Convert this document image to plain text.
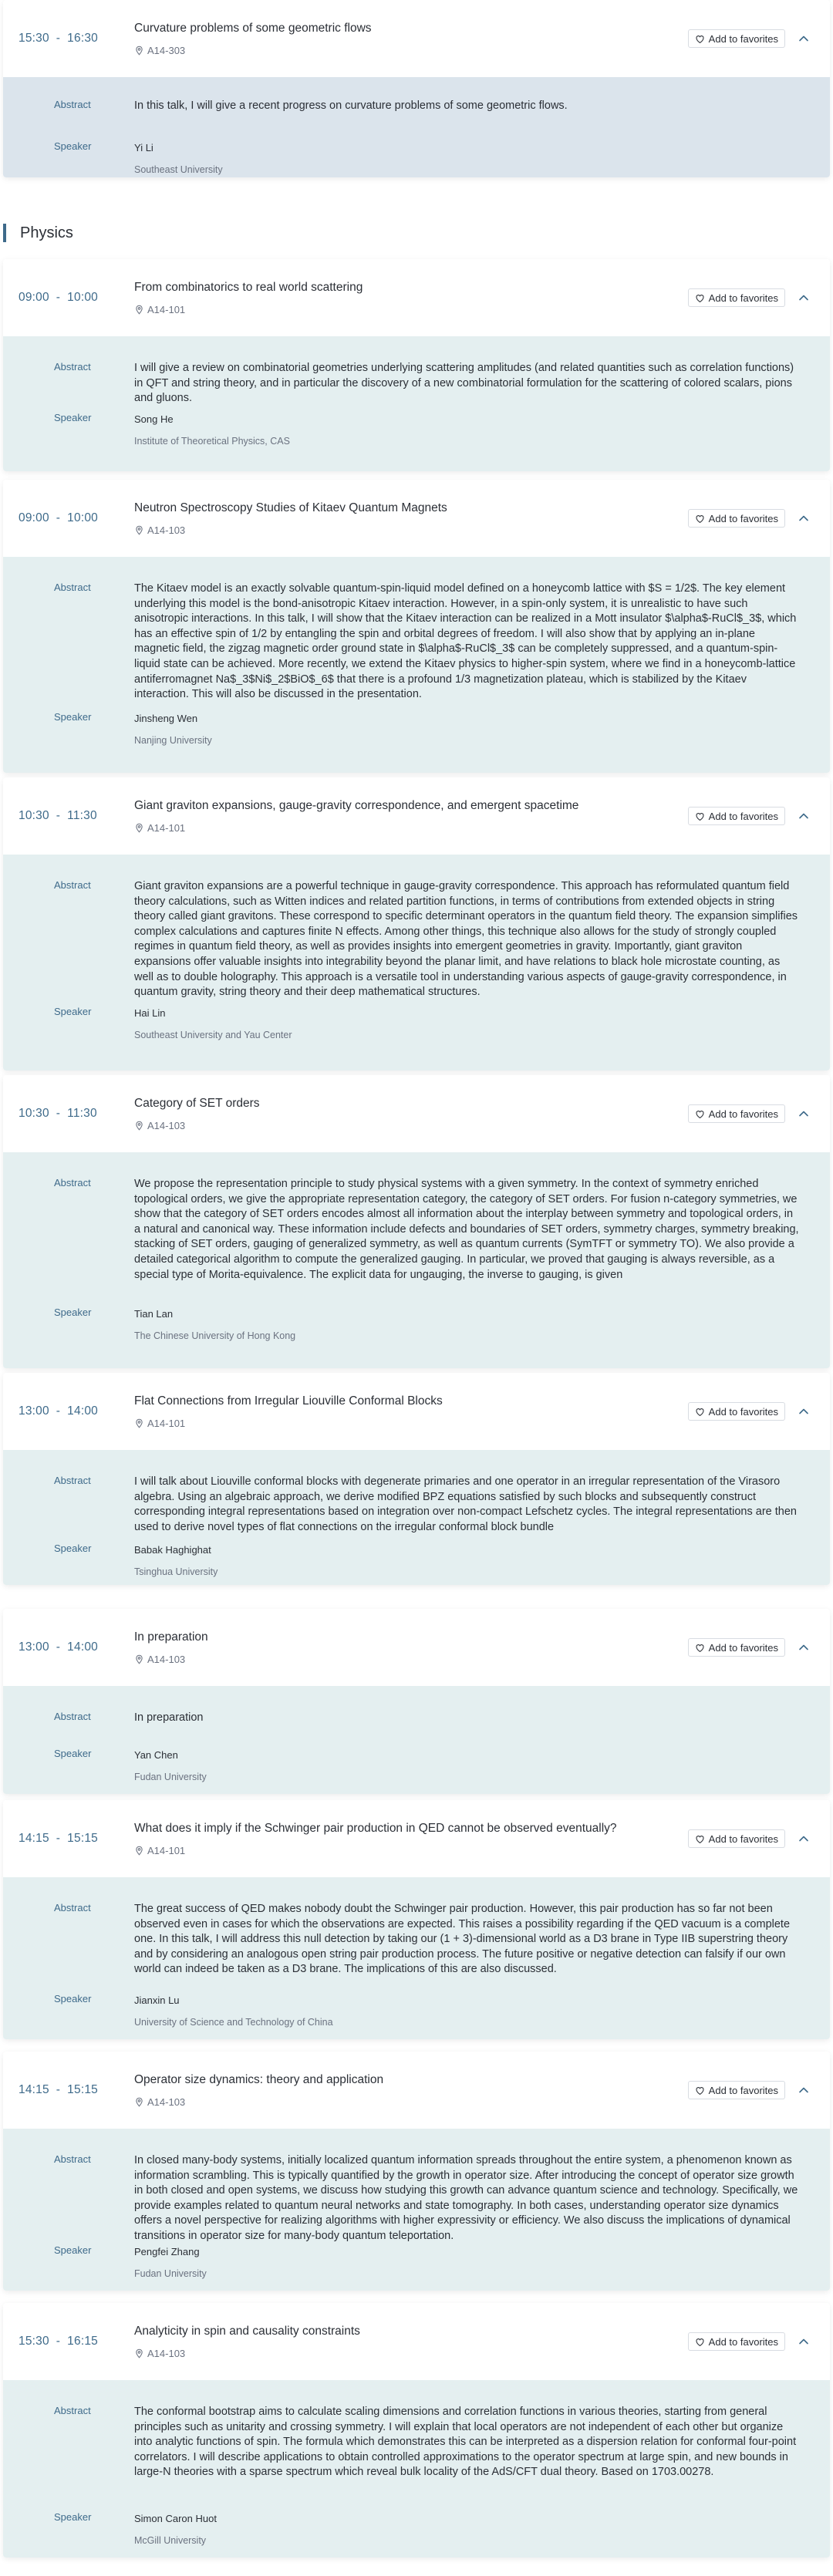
Physics
15:30 - 16:30
Curvature problems of some geometric flows
A14-303
Add to favorites
Abstract	In this talk, I will give a recent progress on curvature problems of some geometric flows.
Speaker	Yi Li
Southeast University
09:00 - 10:00
From combinatorics to real world scattering
A14-101
Add to favorites
Abstract	I will give a review on combinatorial geometries underlying scattering amplitudes (and related quantities such as correlation functions) in QFT and string theory, and in particular the discovery of a new combinatorial formulation for the scattering of colored scalars, pions and gluons.
Speaker	Song He
Institute of Theoretical Physics, CAS
09:00 - 10:00
Neutron Spectroscopy Studies of Kitaev Quantum Magnets
A14-103
Add to favorites
Abstract	The Kitaev model is an exactly solvable quantum-spin-liquid model defined on a honeycomb lattice with $S = 1/2$. The key element underlying this model is the bond-anisotropic Kitaev interaction. However, in a spin-only system, it is unrealistic to have such anisotropic interactions. In this talk, I will show that the Kitaev interaction can be realized in a Mott insulator $\alpha$-RuCl$_3$, which has an effective spin of 1/2 by entangling the spin and orbital degrees of freedom. I will also show that by applying an in-plane magnetic field, the zigzag magnetic order ground state in $\alpha$-RuCl$_3$ can be completely suppressed, and a quantum-spin-liquid state can be achieved. More recently, we extend the Kitaev physics to higher-spin system, where we find in a honeycomb-lattice antiferromagnet Na$_3$Ni$_2$BiO$_6$ that there is a profound 1/3 magnetization plateau, which is stabilized by the Kitaev interaction. This will also be discussed in the presentation.
Speaker	Jinsheng Wen
Nanjing University
10:30 - 11:30
Giant graviton expansions, gauge-gravity correspondence, and emergent spacetime
A14-101
Add to favorites
Abstract	Giant graviton expansions are a powerful technique in gauge-gravity correspondence. This approach has reformulated quantum field theory calculations, such as Witten indices and related partition functions, in terms of contributions from extended objects in string theory called giant gravitons. These correspond to specific determinant operators in the quantum field theory. The expansion simplifies complex calculations and captures finite N effects. Among other things, this technique also allows for the study of strongly coupled regimes in quantum field theory, as well as provides insights into emergent geometries in gravity. Importantly, giant graviton expansions offer valuable insights into integrability beyond the planar limit, and have relations to black hole microstate counting, as well as to double holography. This approach is a versatile tool in understanding various aspects of gauge-gravity correspondence, in quantum gravity, string theory and their deep mathematical structures.
Speaker	Hai Lin
Southeast University and Yau Center
10:30 - 11:30
Category of SET orders
A14-103
Add to favorites
Abstract	We propose the representation principle to study physical systems with a given symmetry. In the context of symmetry enriched topological orders, we give the appropriate representation category, the category of SET orders. For fusion n-category symmetries, we show that the category of SET orders encodes almost all information about the interplay between symmetry and topological orders, in a natural and canonical way. These information include defects and boundaries of SET orders, symmetry charges, symmetry breaking, stacking of SET orders, gauging of generalized symmetry, as well as quantum currents (SymTFT or symmetry TO). We also provide a detailed categorical algorithm to compute the generalized gauging. In particular, we proved that gauging is always reversible, as a special type of Morita-equivalence. The explicit data for ungauging, the inverse to gauging, is given
Speaker	Tian Lan
The Chinese University of Hong Kong
13:00 - 14:00
Flat Connections from Irregular Liouville Conformal Blocks
A14-101
Add to favorites
Abstract	I will talk about Liouville conformal blocks with degenerate primaries and one operator in an irregular representation of the Virasoro algebra. Using an algebraic approach, we derive modified BPZ equations satisfied by such blocks and subsequently construct corresponding integral representations based on integration over non-compact Lefschetz cycles. The integral representations are then used to derive novel types of flat connections on the irregular conformal block bundle
Speaker	Babak Haghighat
Tsinghua University
13:00 - 14:00
In preparation
A14-103
Add to favorites
Abstract	In preparation
Speaker	Yan Chen
Fudan University
14:15 - 15:15
What does it imply if the Schwinger pair production in QED cannot be observed eventually?
A14-101
Add to favorites
Abstract	The great success of QED makes nobody doubt the Schwinger pair production. However, this pair production has so far not been observed even in cases for which the observations are expected. This raises a possibility regarding if the QED vacuum is a complete one. In this talk, I will address this null detection by taking our (1 + 3)-dimensional world as a D3 brane in Type IIB superstring theory and by considering an analogous open string pair production process. The future positive or negative detection can falsify if our own world can indeed be taken as a D3 brane. The implications of this are also discussed.
Speaker	Jianxin Lu
University of Science and Technology of China
14:15 - 15:15
Operator size dynamics: theory and application
A14-103
Add to favorites
Abstract	In closed many-body systems, initially localized quantum information spreads throughout the entire system, a phenomenon known as information scrambling. This is typically quantified by the growth in operator size. After introducing the concept of operator size growth in both closed and open systems, we discuss how studying this growth can advance quantum science and technology. Specifically, we provide examples related to quantum neural networks and state tomography. In both cases, understanding operator size dynamics offers a novel perspective for realizing algorithms with higher expressivity or efficiency. We also discuss the implications of dynamical transitions in operator size for many-body quantum teleportation.
Speaker	Pengfei Zhang
Fudan University
15:30 - 16:15
Analyticity in spin and causality constraints
A14-103
Add to favorites
Abstract	The conformal bootstrap aims to calculate scaling dimensions and correlation functions in various theories, starting from general principles such as unitarity and crossing symmetry. I will explain that local operators are not independent of each other but organize into analytic functions of spin. The formula which demonstrates this can be interpreted as a dispersion relation for conformal four-point correlators. I will describe applications to obtain controlled approximations to the operator spectrum at large spin, and new bounds in large-N theories with a sparse spectrum which reveal bulk locality of the AdS/CFT dual theory. Based on 1703.00278.
Speaker	Simon Caron Huot
McGill University
